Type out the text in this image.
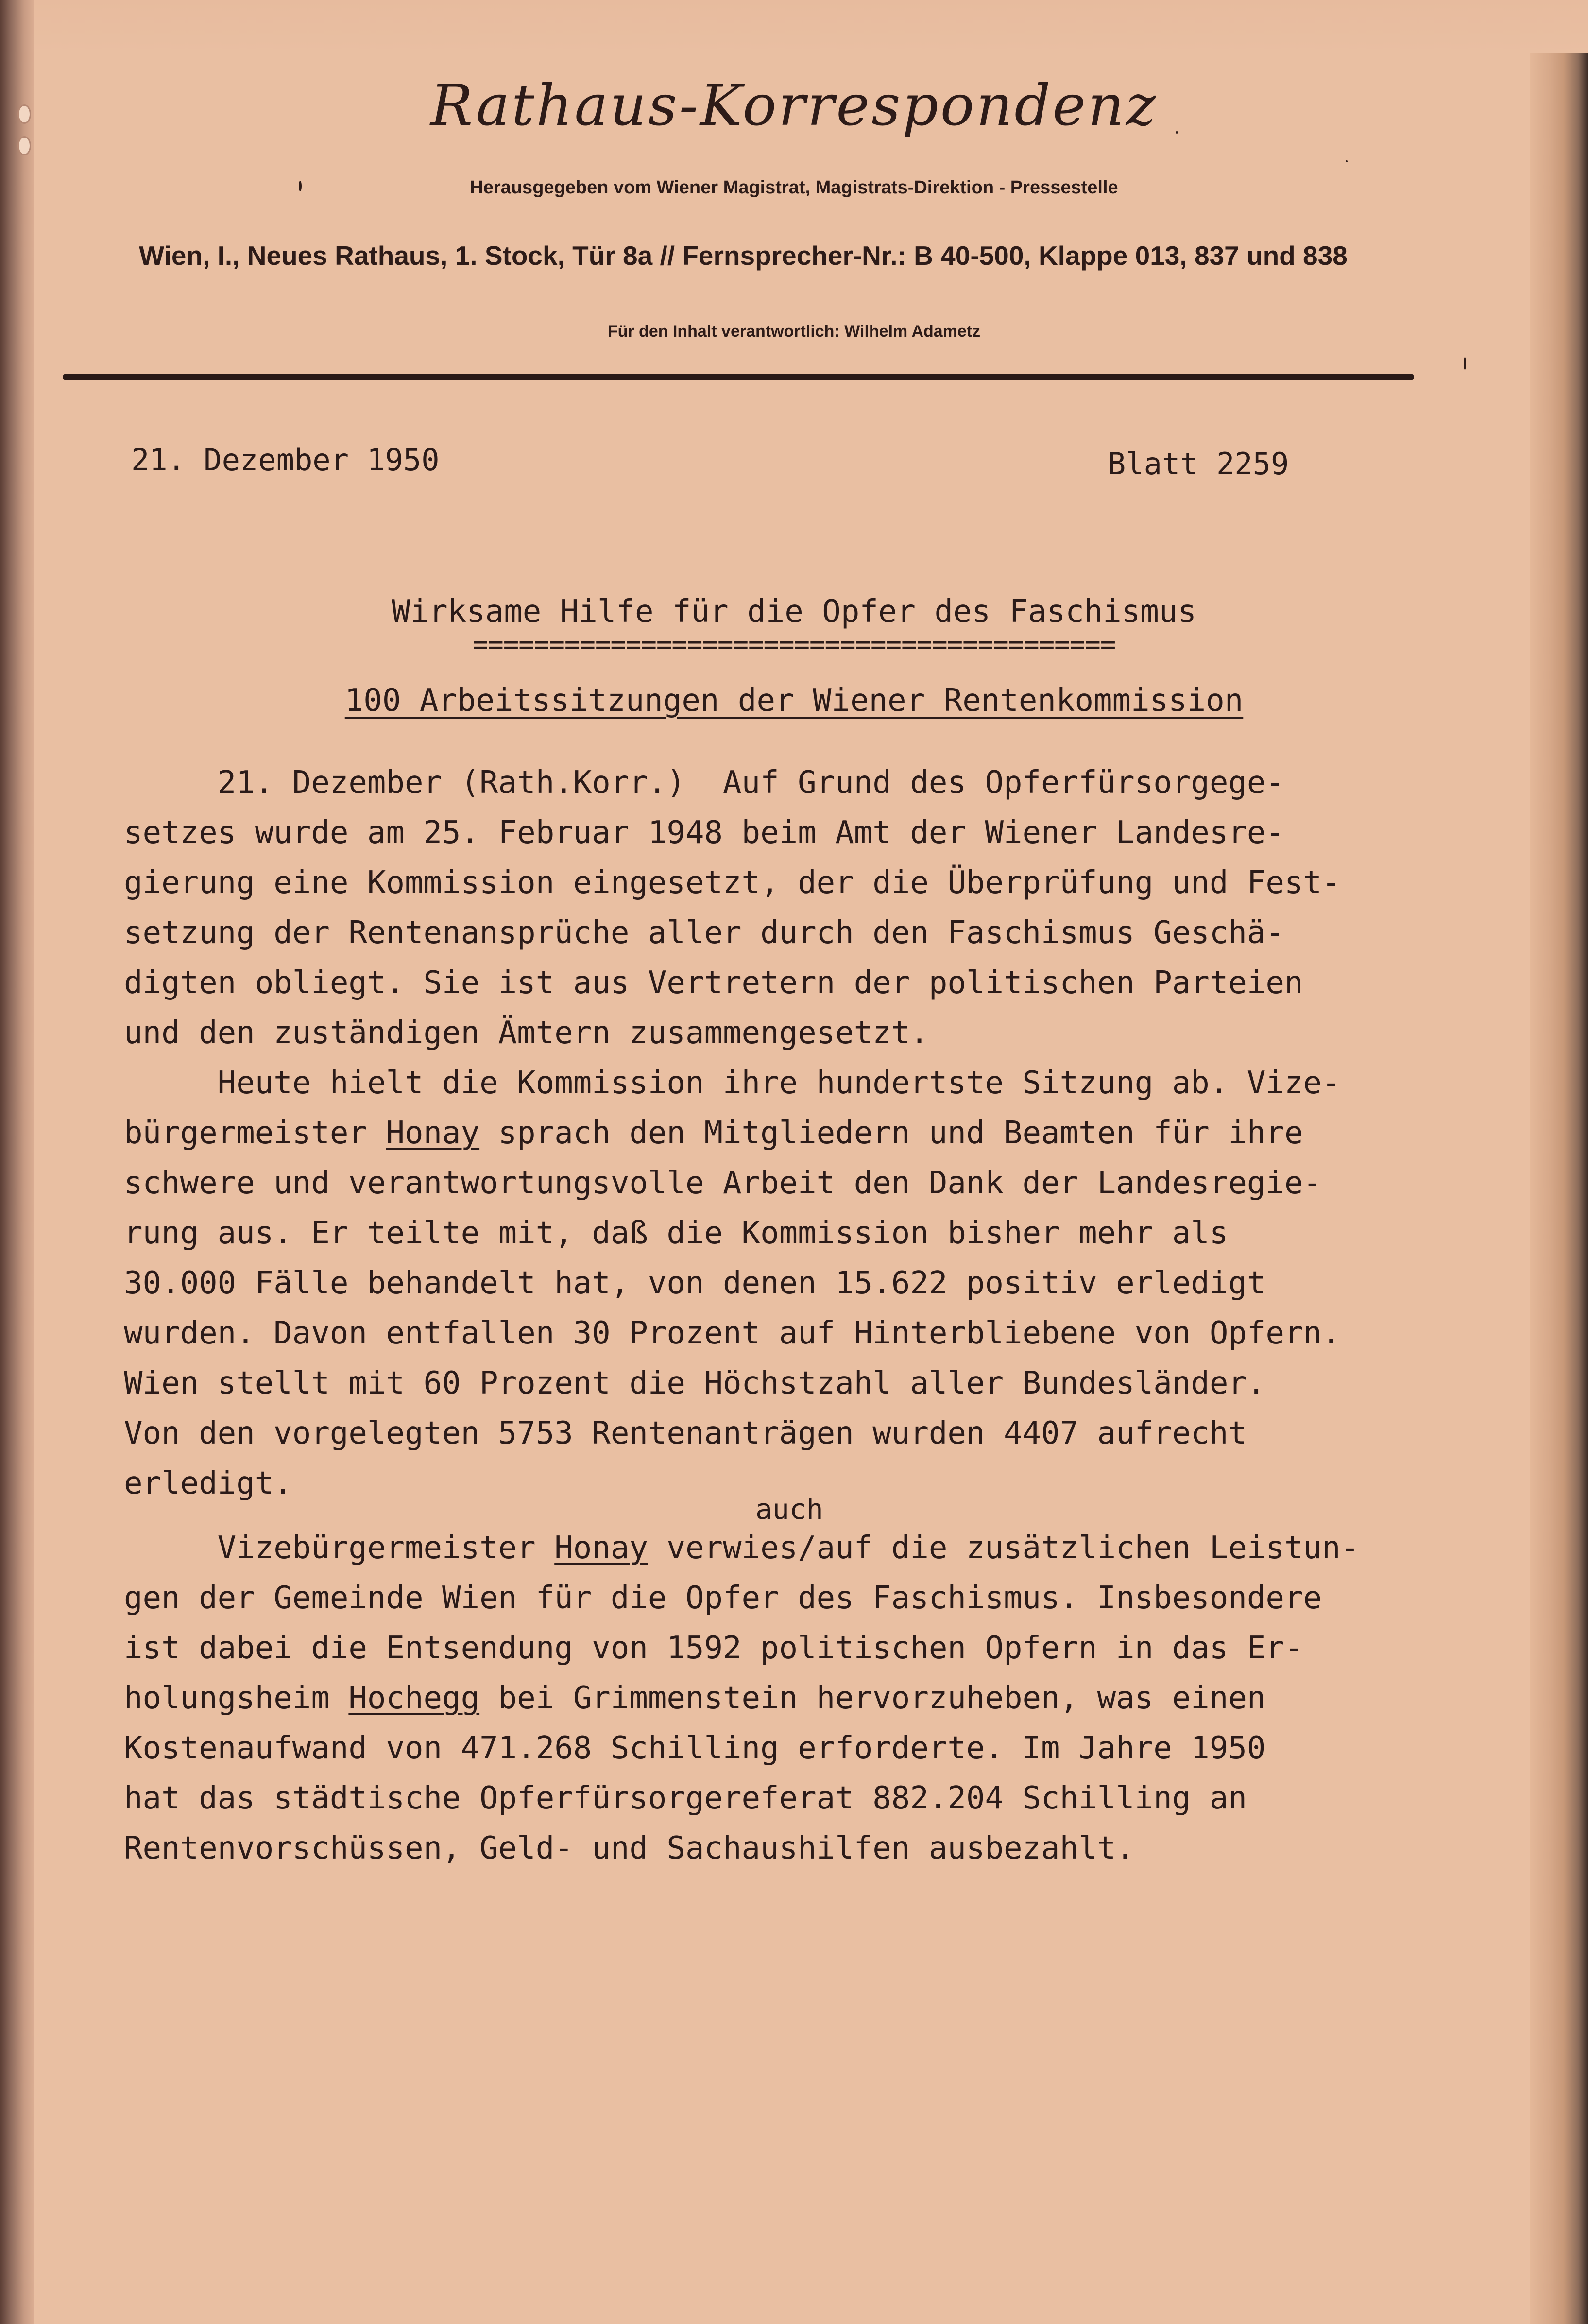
Rathaus-Korrespondenz
Herausgegeben vom Wiener Magistrat, Magistrats-Direktion - Pressestelle
Wien, I., Neues Rathaus, 1. Stock, Tür 8a // Fernsprecher-Nr.: B 40-500, Klappe 013, 837 und 838
Für den Inhalt verantwortlich: Wilhelm Adametz
21. Dezember 1950	Blatt 2259
Wirksame Hilfe für die Opfer des Faschismus
==========================================
100 Arbeitssitzungen der Wiener Rentenkommission
auch
21. Dezember (Rath.Korr.)  Auf Grund des Opferfürsorgege-
setzes wurde am 25. Februar 1948 beim Amt der Wiener Landesre-
gierung eine Kommission eingesetzt, der die Überprüfung und Fest-
setzung der Rentenansprüche aller durch den Faschismus Geschä-
digten obliegt. Sie ist aus Vertretern der politischen Parteien
und den zuständigen Ämtern zusammengesetzt.
Heute hielt die Kommission ihre hundertste Sitzung ab. Vize-
bürgermeister Honay sprach den Mitgliedern und Beamten für ihre
schwere und verantwortungsvolle Arbeit den Dank der Landesregie-
rung aus. Er teilte mit, daß die Kommission bisher mehr als
30.000 Fälle behandelt hat, von denen 15.622 positiv erledigt
wurden. Davon entfallen 30 Prozent auf Hinterbliebene von Opfern.
Wien stellt mit 60 Prozent die Höchstzahl aller Bundesländer.
Von den vorgelegten 5753 Rentenanträgen wurden 4407 aufrecht
erledigt.
Vizebürgermeister Honay verwies/auf die zusätzlichen Leistun-
gen der Gemeinde Wien für die Opfer des Faschismus. Insbesondere
ist dabei die Entsendung von 1592 politischen Opfern in das Er-
holungsheim Hochegg bei Grimmenstein hervorzuheben, was einen
Kostenaufwand von 471.268 Schilling erforderte. Im Jahre 1950
hat das städtische Opferfürsorgereferat 882.204 Schilling an
Rentenvorschüssen, Geld- und Sachaushilfen ausbezahlt.
